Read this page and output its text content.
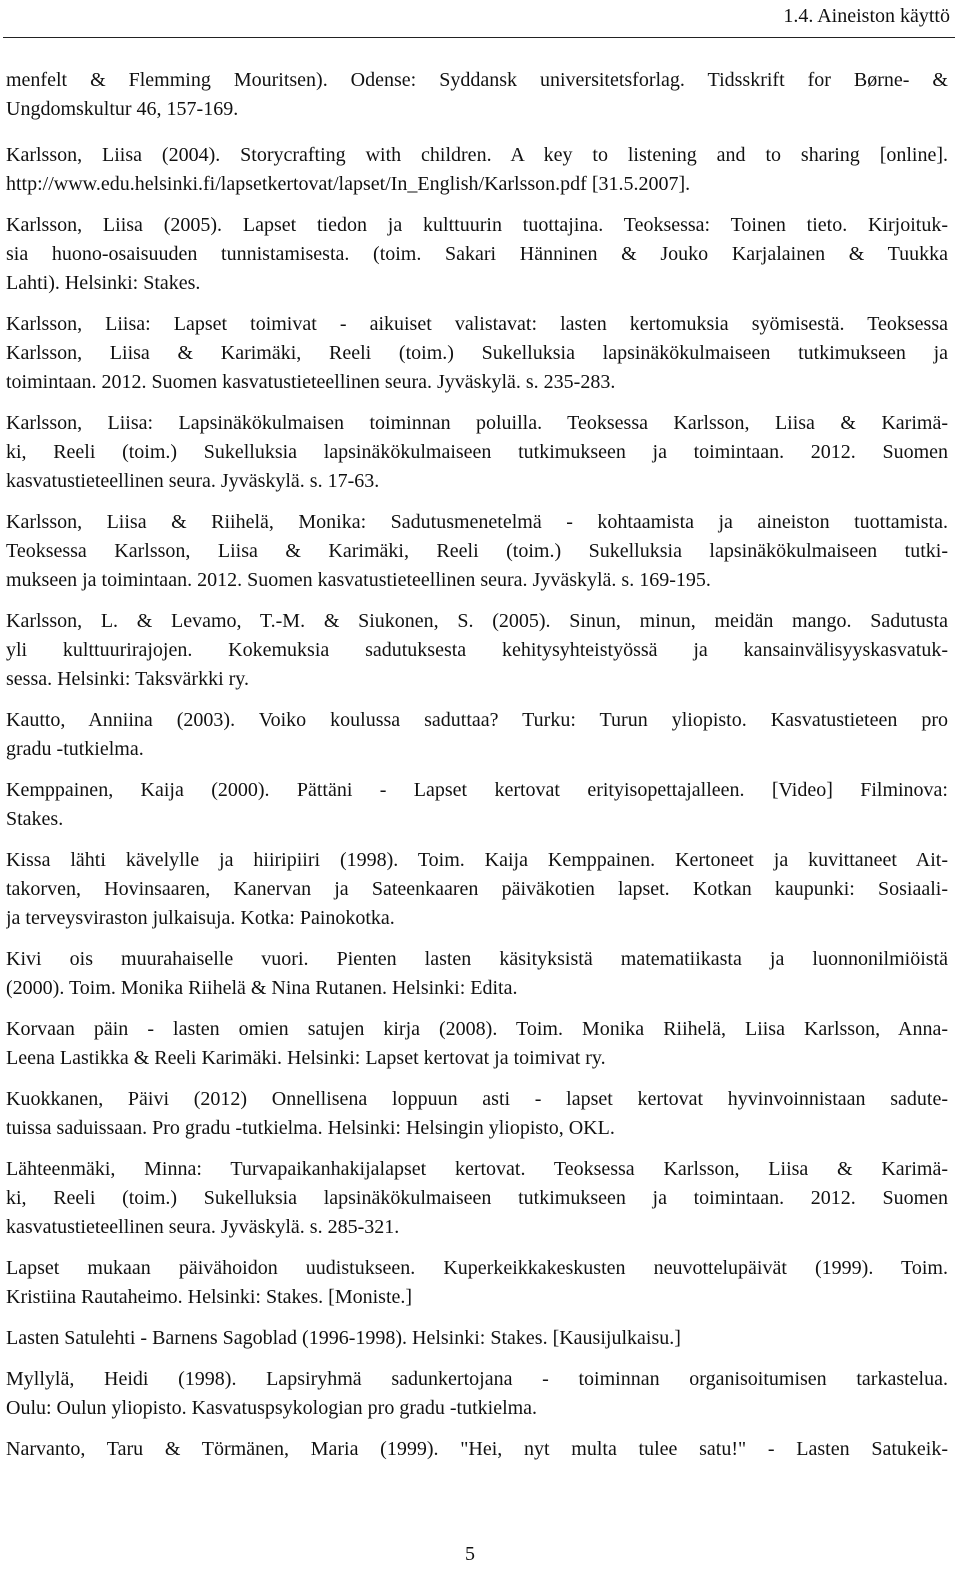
1.4. Aineiston käyttö
menfelt & Flemming Mouritsen). Odense: Syddansk universitetsforlag. Tidsskrift for Børne- &
Ungdomskultur 46, 157-169.
Karlsson, Liisa (2004). Storycrafting with children. A key to listening and to sharing [online].
http://www.edu.helsinki.fi/lapsetkertovat/lapset/In_English/Karlsson.pdf [31.5.2007].
Karlsson, Liisa (2005). Lapset tiedon ja kulttuurin tuottajina. Teoksessa: Toinen tieto. Kirjoituk-
sia huono-osaisuuden tunnistamisesta. (toim. Sakari Hänninen & Jouko Karjalainen & Tuukka
Lahti). Helsinki: Stakes.
Karlsson, Liisa: Lapset toimivat - aikuiset valistavat: lasten kertomuksia syömisestä. Teoksessa
Karlsson, Liisa & Karimäki, Reeli (toim.) Sukelluksia lapsinäkökulmaiseen tutkimukseen ja
toimintaan. 2012. Suomen kasvatustieteellinen seura. Jyväskylä. s. 235-283.
Karlsson, Liisa: Lapsinäkökulmaisen toiminnan poluilla. Teoksessa Karlsson, Liisa & Karimä-
ki, Reeli (toim.) Sukelluksia lapsinäkökulmaiseen tutkimukseen ja toimintaan. 2012. Suomen
kasvatustieteellinen seura. Jyväskylä. s. 17-63.
Karlsson, Liisa & Riihelä, Monika: Sadutusmenetelmä - kohtaamista ja aineiston tuottamista.
Teoksessa Karlsson, Liisa & Karimäki, Reeli (toim.) Sukelluksia lapsinäkökulmaiseen tutki-
mukseen ja toimintaan. 2012. Suomen kasvatustieteellinen seura. Jyväskylä. s. 169-195.
Karlsson, L. & Levamo, T.-M. & Siukonen, S. (2005). Sinun, minun, meidän mango. Sadutusta
yli kulttuurirajojen. Kokemuksia sadutuksesta kehitysyhteistyössä ja kansainvälisyyskasvatuk-
sessa. Helsinki: Taksvärkki ry.
Kautto, Anniina (2003). Voiko koulussa saduttaa? Turku: Turun yliopisto. Kasvatustieteen pro
gradu -tutkielma.
Kemppainen, Kaija (2000). Pättäni - Lapset kertovat erityisopettajalleen. [Video] Filminova:
Stakes.
Kissa lähti kävelylle ja hiiripiiri (1998). Toim. Kaija Kemppainen. Kertoneet ja kuvittaneet Ait-
takorven, Hovinsaaren, Kanervan ja Sateenkaaren päiväkotien lapset. Kotkan kaupunki: Sosiaali-
ja terveysviraston julkaisuja. Kotka: Painokotka.
Kivi ois muurahaiselle vuori. Pienten lasten käsityksistä matematiikasta ja luonnonilmiöistä
(2000). Toim. Monika Riihelä & Nina Rutanen. Helsinki: Edita.
Korvaan päin - lasten omien satujen kirja (2008). Toim. Monika Riihelä, Liisa Karlsson, Anna-
Leena Lastikka & Reeli Karimäki. Helsinki: Lapset kertovat ja toimivat ry.
Kuokkanen, Päivi (2012) Onnellisena loppuun asti - lapset kertovat hyvinvoinnistaan sadute-
tuissa saduissaan. Pro gradu -tutkielma. Helsinki: Helsingin yliopisto, OKL.
Lähteenmäki, Minna: Turvapaikanhakijalapset kertovat. Teoksessa Karlsson, Liisa & Karimä-
ki, Reeli (toim.) Sukelluksia lapsinäkökulmaiseen tutkimukseen ja toimintaan. 2012. Suomen
kasvatustieteellinen seura. Jyväskylä. s. 285-321.
Lapset mukaan päivähoidon uudistukseen. Kuperkeikkakeskusten neuvottelupäivät (1999). Toim.
Kristiina Rautaheimo. Helsinki: Stakes. [Moniste.]
Lasten Satulehti - Barnens Sagoblad (1996-1998). Helsinki: Stakes. [Kausijulkaisu.]
Myllylä, Heidi (1998). Lapsiryhmä sadunkertojana - toiminnan organisoitumisen tarkastelua.
Oulu: Oulun yliopisto. Kasvatuspsykologian pro gradu -tutkielma.
Narvanto, Taru & Törmänen, Maria (1999). "Hei, nyt multa tulee satu!" - Lasten Satukeik-
5
